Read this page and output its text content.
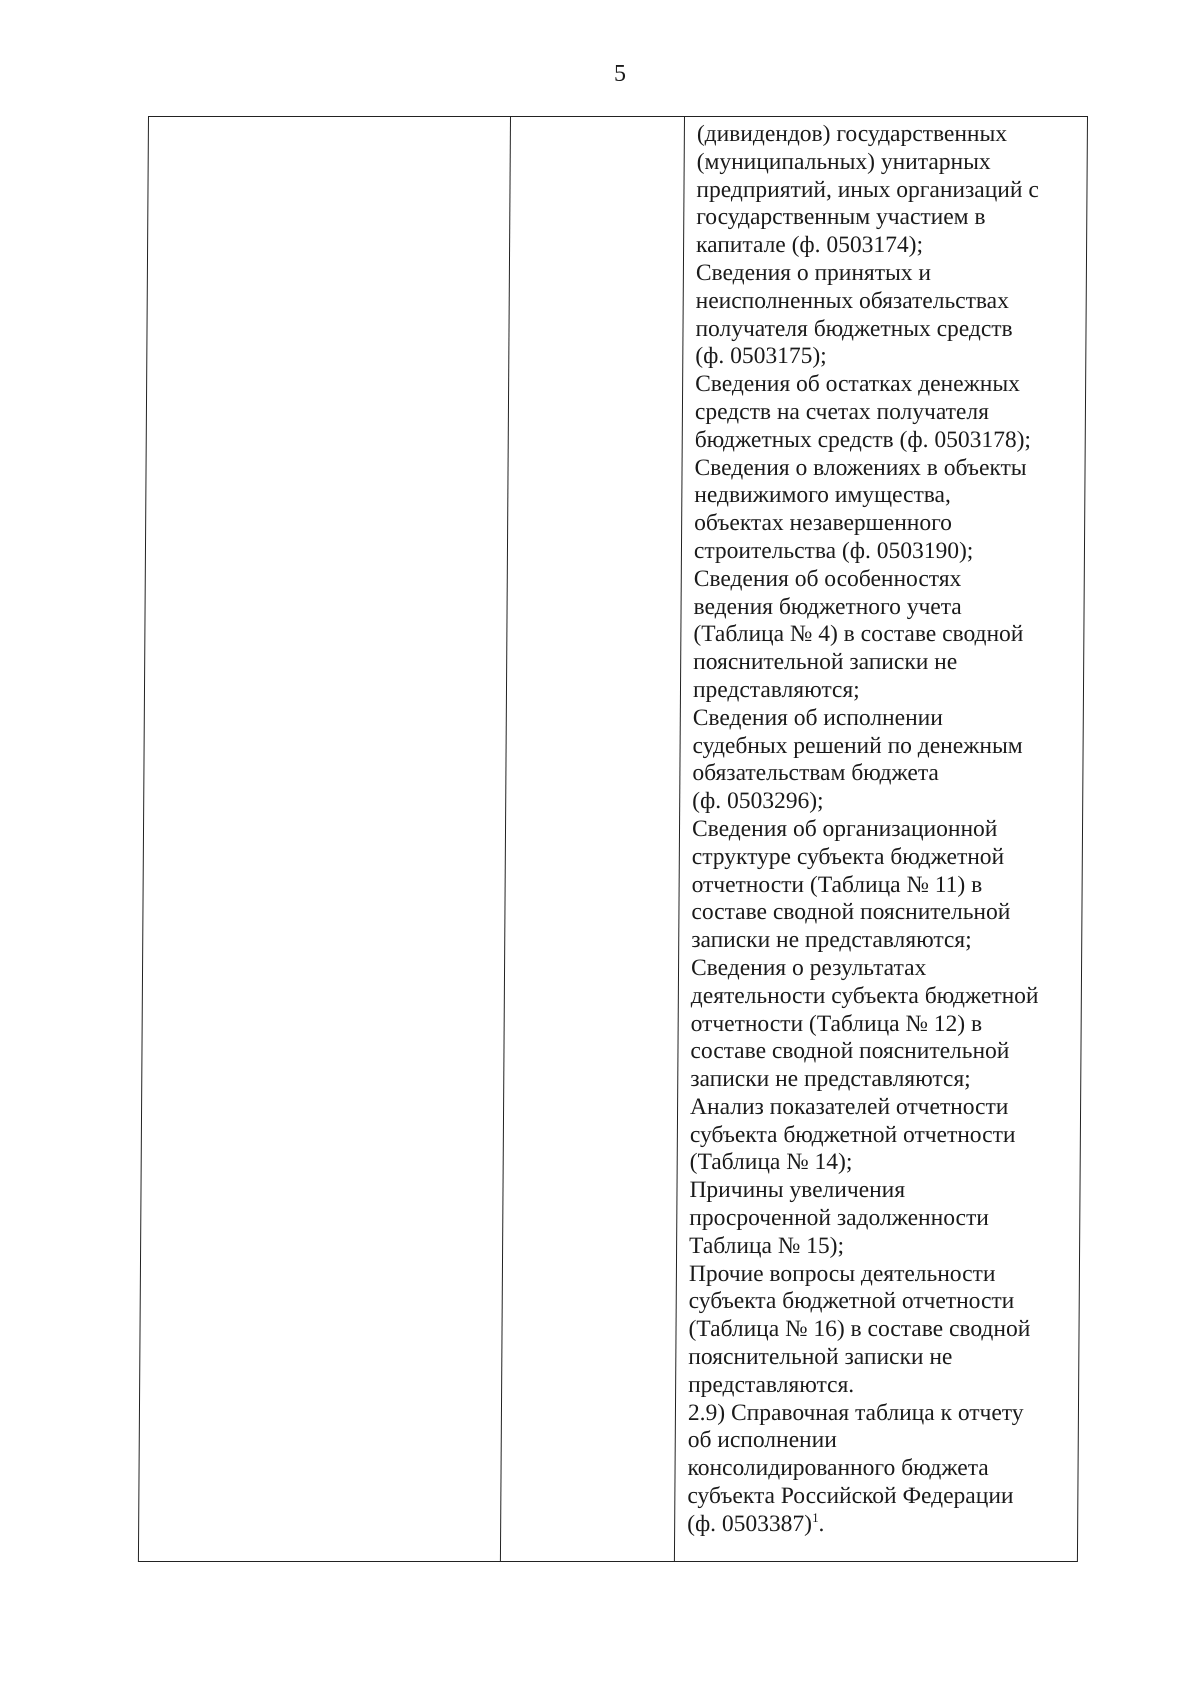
5
(дивидендов) государственных
(муниципальных) унитарных
предприятий, иных организаций с
государственным участием в
капитале (ф. 0503174);
Сведения о принятых и
неисполненных обязательствах
получателя бюджетных средств
(ф. 0503175);
Сведения об остатках денежных
средств на счетах получателя
бюджетных средств (ф. 0503178);
Сведения о вложениях в объекты
недвижимого имущества,
объектах незавершенного
строительства (ф. 0503190);
Сведения об особенностях
ведения бюджетного учета
(Таблица № 4) в составе сводной
пояснительной записки не
представляются;
Сведения об исполнении
судебных решений по денежным
обязательствам бюджета
(ф. 0503296);
Сведения об организационной
структуре субъекта бюджетной
отчетности (Таблица № 11) в
составе сводной пояснительной
записки не представляются;
Сведения о результатах
деятельности субъекта бюджетной
отчетности (Таблица № 12) в
составе сводной пояснительной
записки не представляются;
Анализ показателей отчетности
субъекта бюджетной отчетности
(Таблица № 14);
Причины увеличения
просроченной задолженности
Таблица № 15);
Прочие вопросы деятельности
субъекта бюджетной отчетности
(Таблица № 16) в составе сводной
пояснительной записки не
представляются.
2.9) Справочная таблица к отчету
об исполнении
консолидированного бюджета
субъекта Российской Федерации
(ф. 0503387)$^1$.
